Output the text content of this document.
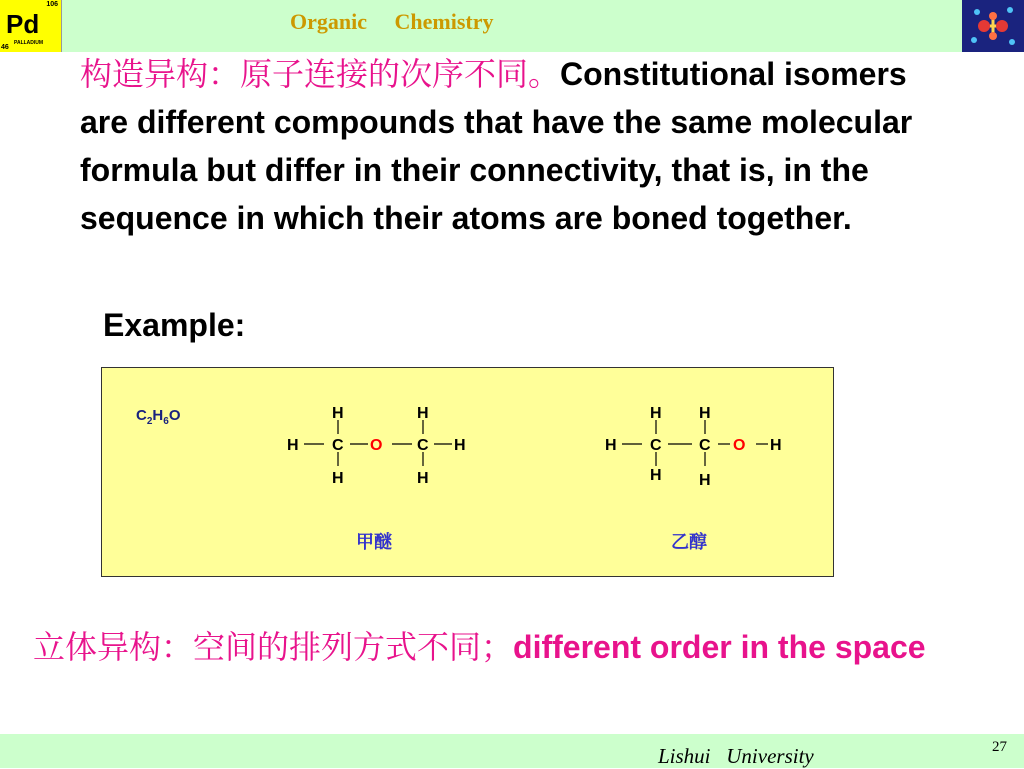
106
Pd
PALLADIUM
46
Organic     Chemistry
构造异构：原子连接的次序不同。Constitutional isomers are different compounds that have the same molecular formula but differ in their connectivity, that is, in the sequence in which their atoms are boned together.
Example:
$C_2H_6O$
H C O C H
H
H
H
H
甲醚
H C C O H
H
H
H
H
乙醇
立体异构：空间的排列方式不同；different order in the space
Lishui   University	27
